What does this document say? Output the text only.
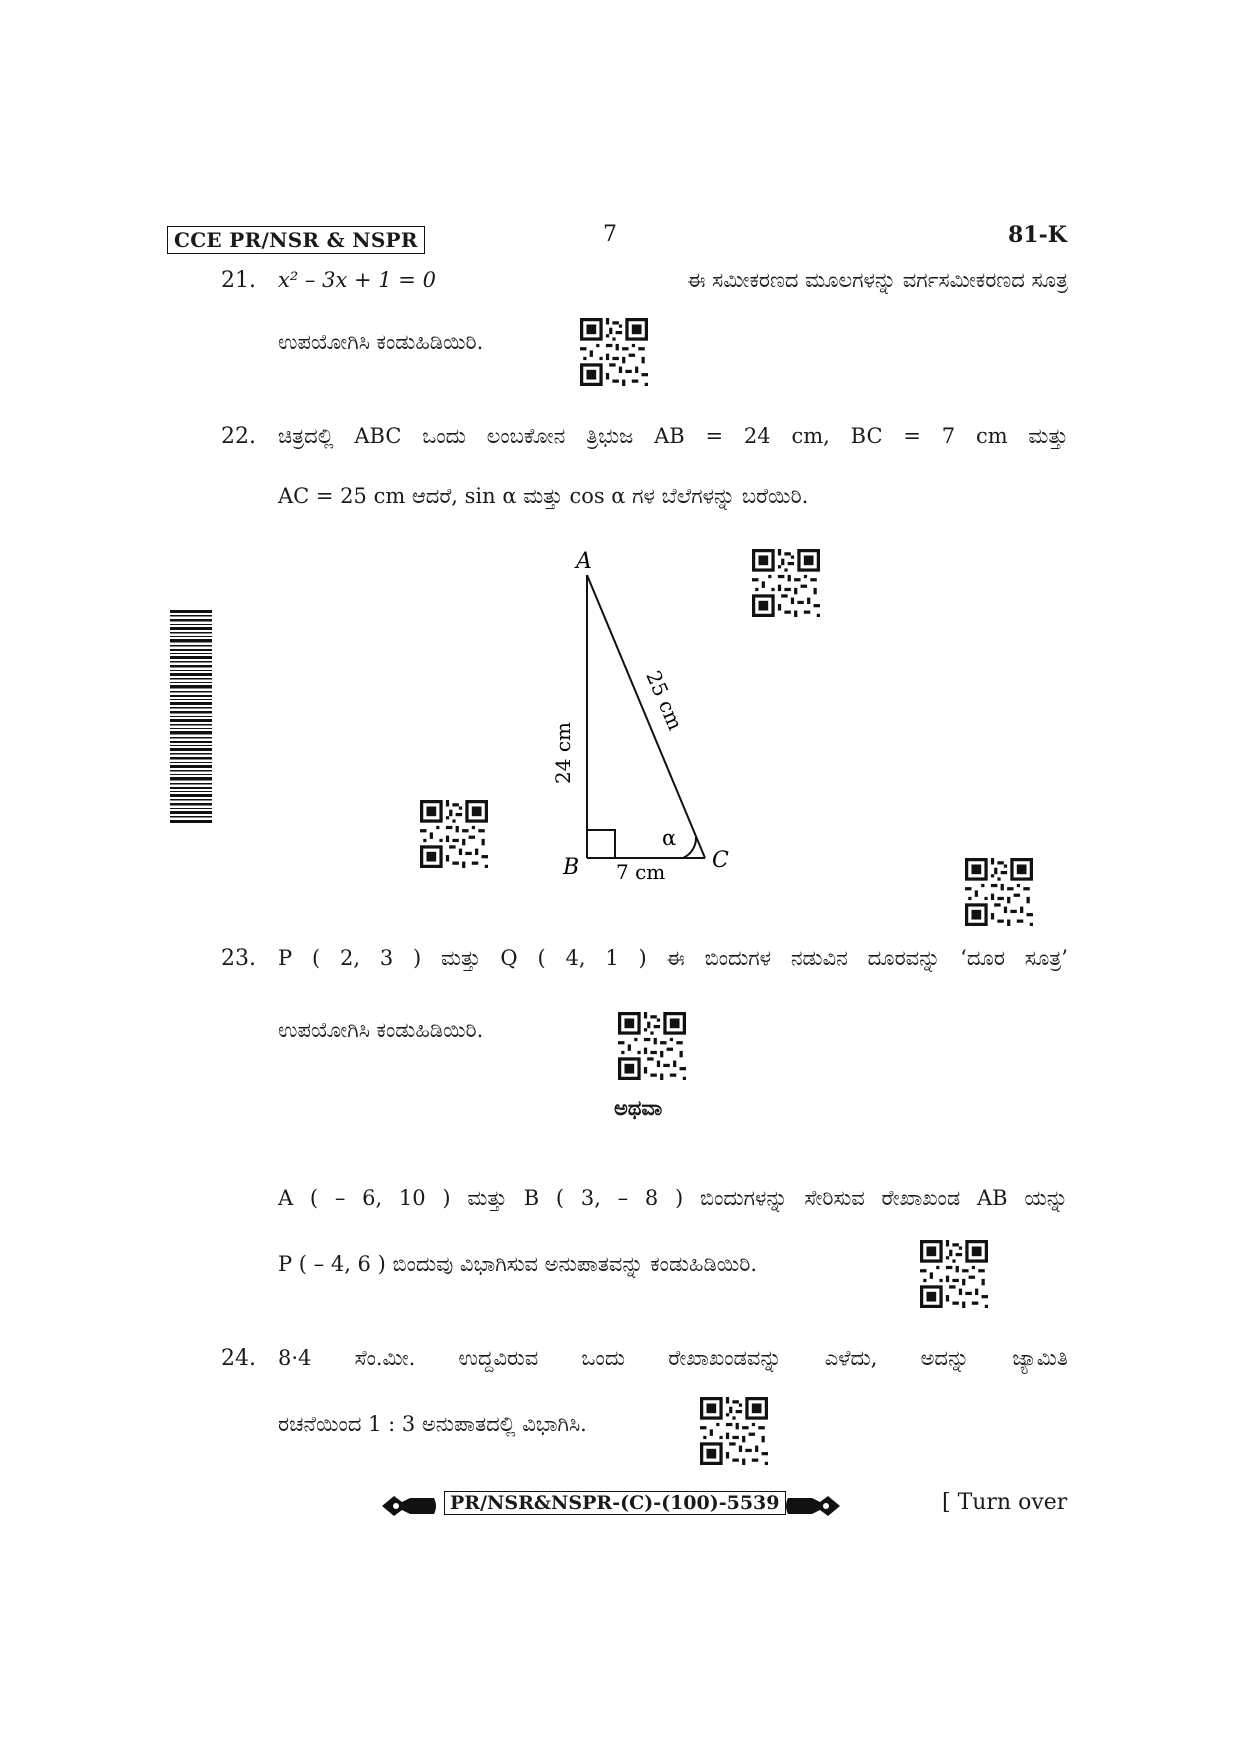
CCE PR/NSR & NSPR	7	81-K
21. x² – 3x + 1 = 0	ಈ ಸಮೀಕರಣದ ಮೂಲಗಳನ್ನು ವರ್ಗಸಮೀಕರಣದ ಸೂತ್ರ
ಉಪಯೋಗಿಸಿ ಕಂಡುಹಿಡಿಯಿರಿ.
22. ಚಿತ್ರದಲ್ಲಿ ABC ಒಂದು ಲಂಬಕೋನ ತ್ರಿಭುಜ AB = 24 cm, BC = 7 cm ಮತ್ತು
AC = 25 cm ಆದರೆ, sin α ಮತ್ತು cos α ಗಳ ಬೆಲೆಗಳನ್ನು ಬರೆಯಿರಿ.
A
B	C
α
7 cm
24 cm
25 cm
23. P ( 2, 3 ) ಮತ್ತು Q ( 4, 1 ) ಈ ಬಿಂದುಗಳ ನಡುವಿನ ದೂರವನ್ನು ‘ದೂರ ಸೂತ್ರ’
ಉಪಯೋಗಿಸಿ ಕಂಡುಹಿಡಿಯಿರಿ.
ಅಥವಾ
A ( – 6, 10 ) ಮತ್ತು B ( 3, – 8 ) ಬಿಂದುಗಳನ್ನು ಸೇರಿಸುವ ರೇಖಾಖಂಡ AB ಯನ್ನು
P ( – 4, 6 ) ಬಿಂದುವು ವಿಭಾಗಿಸುವ ಅನುಪಾತವನ್ನು ಕಂಡುಹಿಡಿಯಿರಿ.
24. 8·4 ಸೆಂ.ಮೀ. ಉದ್ದವಿರುವ ಒಂದು ರೇಖಾಖಂಡವನ್ನು ಎಳೆದು, ಅದನ್ನು ಜ್ಯಾಮಿತಿ
ರಚನೆಯಿಂದ 1 : 3 ಅನುಪಾತದಲ್ಲಿ ವಿಭಾಗಿಸಿ.
PR/NSR&NSPR-(C)-(100)-5539	[ Turn over
